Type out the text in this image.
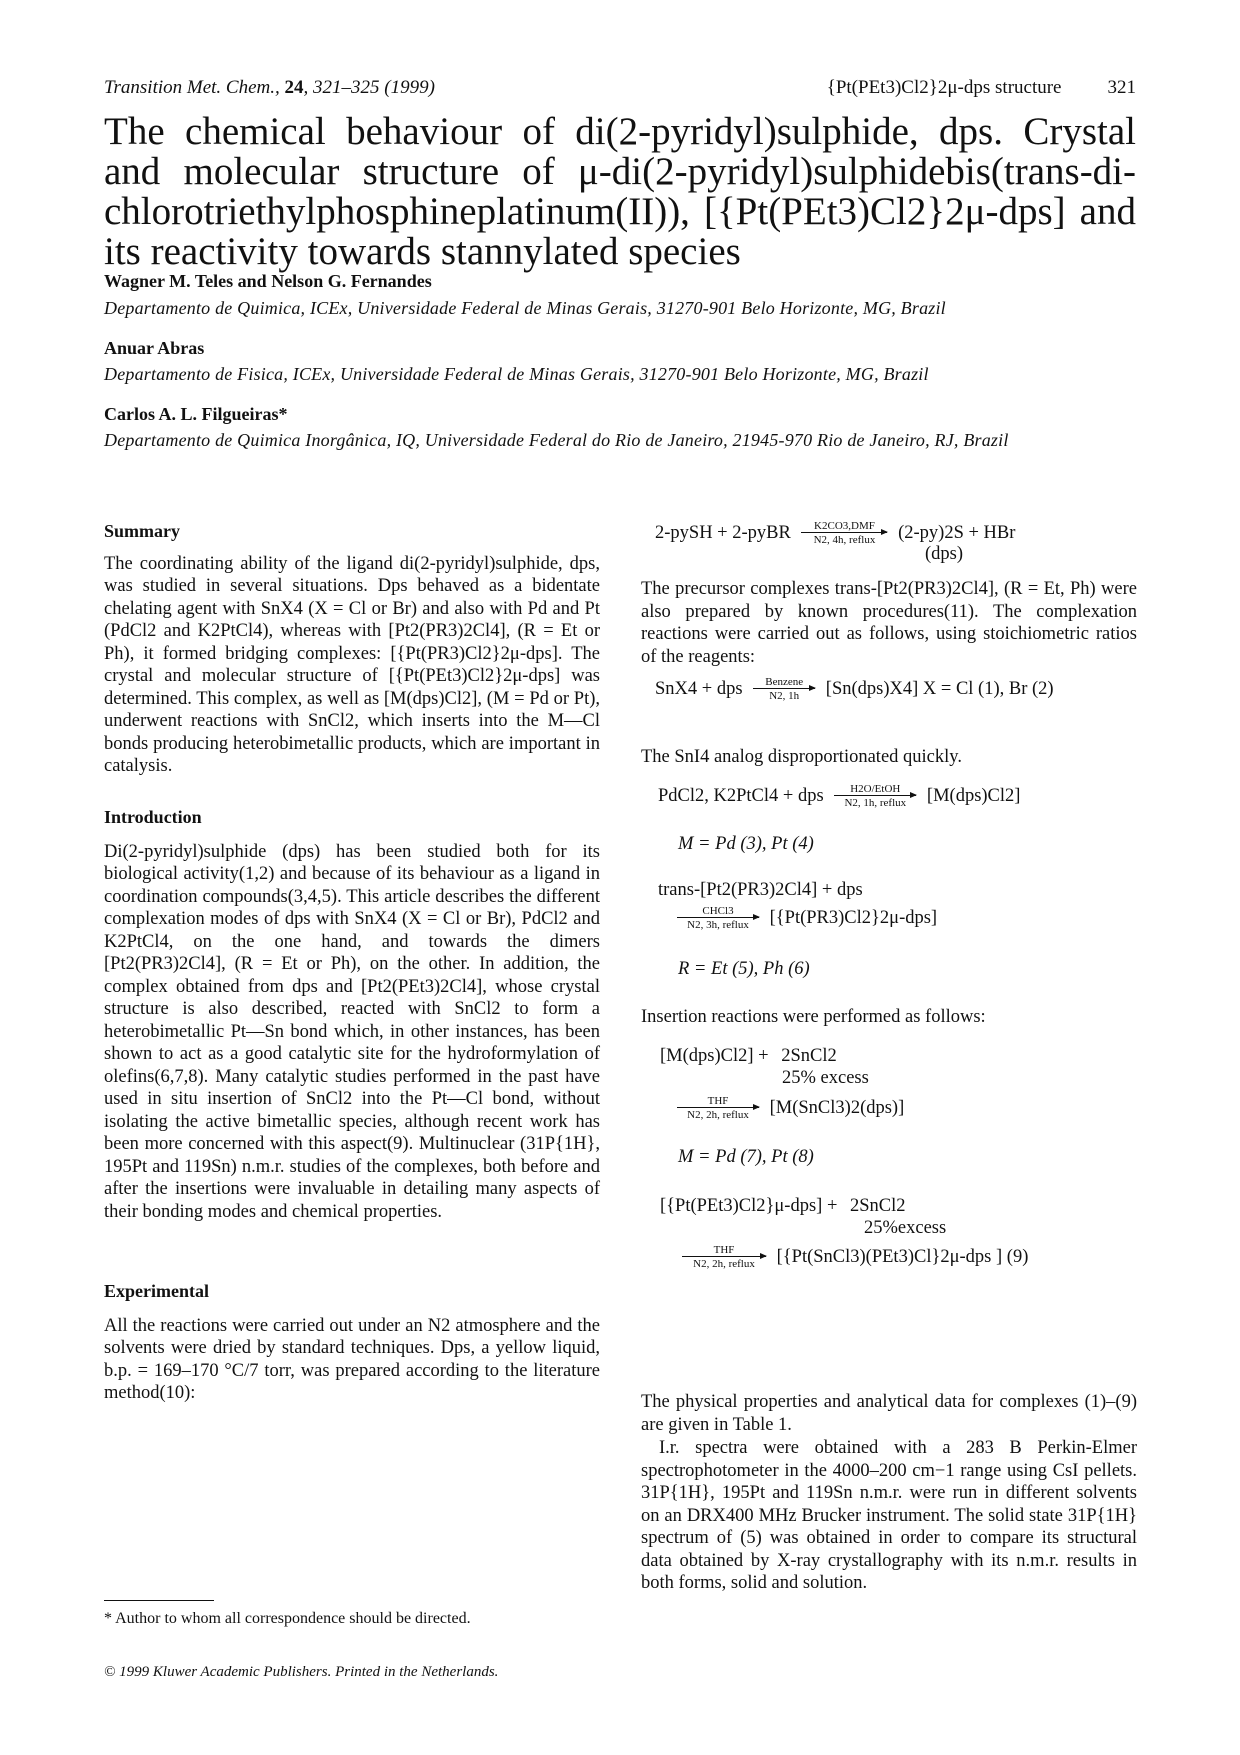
Transition Met. Chem., 24, 321–325 (1999)	{Pt(PEt3)Cl2}2μ-dps structure 321
The chemical behaviour of di(2-pyridyl)sulphide, dps. Crystal
and molecular structure of μ-di(2-pyridyl)sulphidebis(trans-di-
chlorotriethylphosphineplatinum(II)), [{Pt(PEt3)Cl2}2μ-dps] and
its reactivity towards stannylated species
Wagner M. Teles and Nelson G. Fernandes
Departamento de Quimica, ICEx, Universidade Federal de Minas Gerais, 31270-901 Belo Horizonte, MG, Brazil
Anuar Abras
Departamento de Fisica, ICEx, Universidade Federal de Minas Gerais, 31270-901 Belo Horizonte, MG, Brazil
Carlos A. L. Filgueiras*
Departamento de Quimica Inorgânica, IQ, Universidade Federal do Rio de Janeiro, 21945-970 Rio de Janeiro, RJ, Brazil
Summary

The coordinating ability of the ligand di(2-pyridyl)sulphide, dps, was studied in several situations. Dps behaved as a bidentate chelating agent with SnX4 (X = Cl or Br) and also with Pd and Pt (PdCl2 and K2PtCl4), whereas with [Pt2(PR3)2Cl4], (R = Et or Ph), it formed bridging complexes: [{Pt(PR3)Cl2}2μ-dps]. The crystal and molecular structure of [{Pt(PEt3)Cl2}2μ-dps] was determined. This complex, as well as [M(dps)Cl2], (M = Pd or Pt), underwent reactions with SnCl2, which inserts into the M—Cl bonds producing heterobimetallic products, which are important in catalysis.

Introduction

Di(2-pyridyl)sulphide (dps) has been studied both for its biological activity(1,2) and because of its behaviour as a ligand in coordination compounds(3,4,5). This article describes the different complexation modes of dps with SnX4 (X = Cl or Br), PdCl2 and K2PtCl4, on the one hand, and towards the dimers [Pt2(PR3)2Cl4], (R = Et or Ph), on the other. In addition, the complex obtained from dps and [Pt2(PEt3)2Cl4], whose crystal structure is also described, reacted with SnCl2 to form a heterobimetallic Pt—Sn bond which, in other instances, has been shown to act as a good catalytic site for the hydroformylation of olefins(6,7,8). Many catalytic studies performed in the past have used in situ insertion of SnCl2 into the Pt—Cl bond, without isolating the active bimetallic species, although recent work has been more concerned with this aspect(9). Multinuclear (31P{1H}, 195Pt and 119Sn) n.m.r. studies of the complexes, both before and after the insertions were invaluable in detailing many aspects of their bonding modes and chemical properties.

Experimental

All the reactions were carried out under an N2 atmosphere and the solvents were dried by standard techniques. Dps, a yellow liquid, b.p. = 169–170 °C/7 torr, was prepared according to the literature method(10):

2-pySH + 2-pyBR	K2CO3,DMF
N2, 4h, reflux	(2-py)2S + HBr
(dps)
The precursor complexes trans-[Pt2(PR3)2Cl4], (R = Et, Ph) were also prepared by known procedures(11). The complexation reactions were carried out as follows, using stoichiometric ratios of the reagents:
SnX4 + dps	Benzene
N2, 1h	[Sn(dps)X4] X = Cl (1), Br (2)
The SnI4 analog disproportionated quickly.
PdCl2, K2PtCl4 + dps	H2O/EtOH
N2, 1h, reflux	[M(dps)Cl2]
M = Pd (3), Pt (4)
trans-[Pt2(PR3)2Cl4] + dps
CHCl3
N2, 3h, reflux	[{Pt(PR3)Cl2}2μ-dps]
R = Et (5), Ph (6)
Insertion reactions were performed as follows:
[M(dps)Cl2] + 2SnCl2
25% excess
THF
N2, 2h, reflux	[M(SnCl3)2(dps)]
M = Pd (7), Pt (8)
[{Pt(PEt3)Cl2}μ-dps] + 2SnCl2
25%excess
THF
N2, 2h, reflux	[{Pt(SnCl3)(PEt3)Cl}2μ-dps ] (9)
The physical properties and analytical data for complexes (1)–(9) are given in Table 1.
I.r. spectra were obtained with a 283 B Perkin-Elmer spectrophotometer in the 4000–200 cm−1 range using CsI pellets. 31P{1H}, 195Pt and 119Sn n.m.r. were run in different solvents on an DRX400 MHz Brucker instrument. The solid state 31P{1H} spectrum of (5) was obtained in order to compare its structural data obtained by X-ray crystallography with its n.m.r. results in both forms, solid and solution.
* Author to whom all correspondence should be directed.
© 1999 Kluwer Academic Publishers. Printed in the Netherlands.
